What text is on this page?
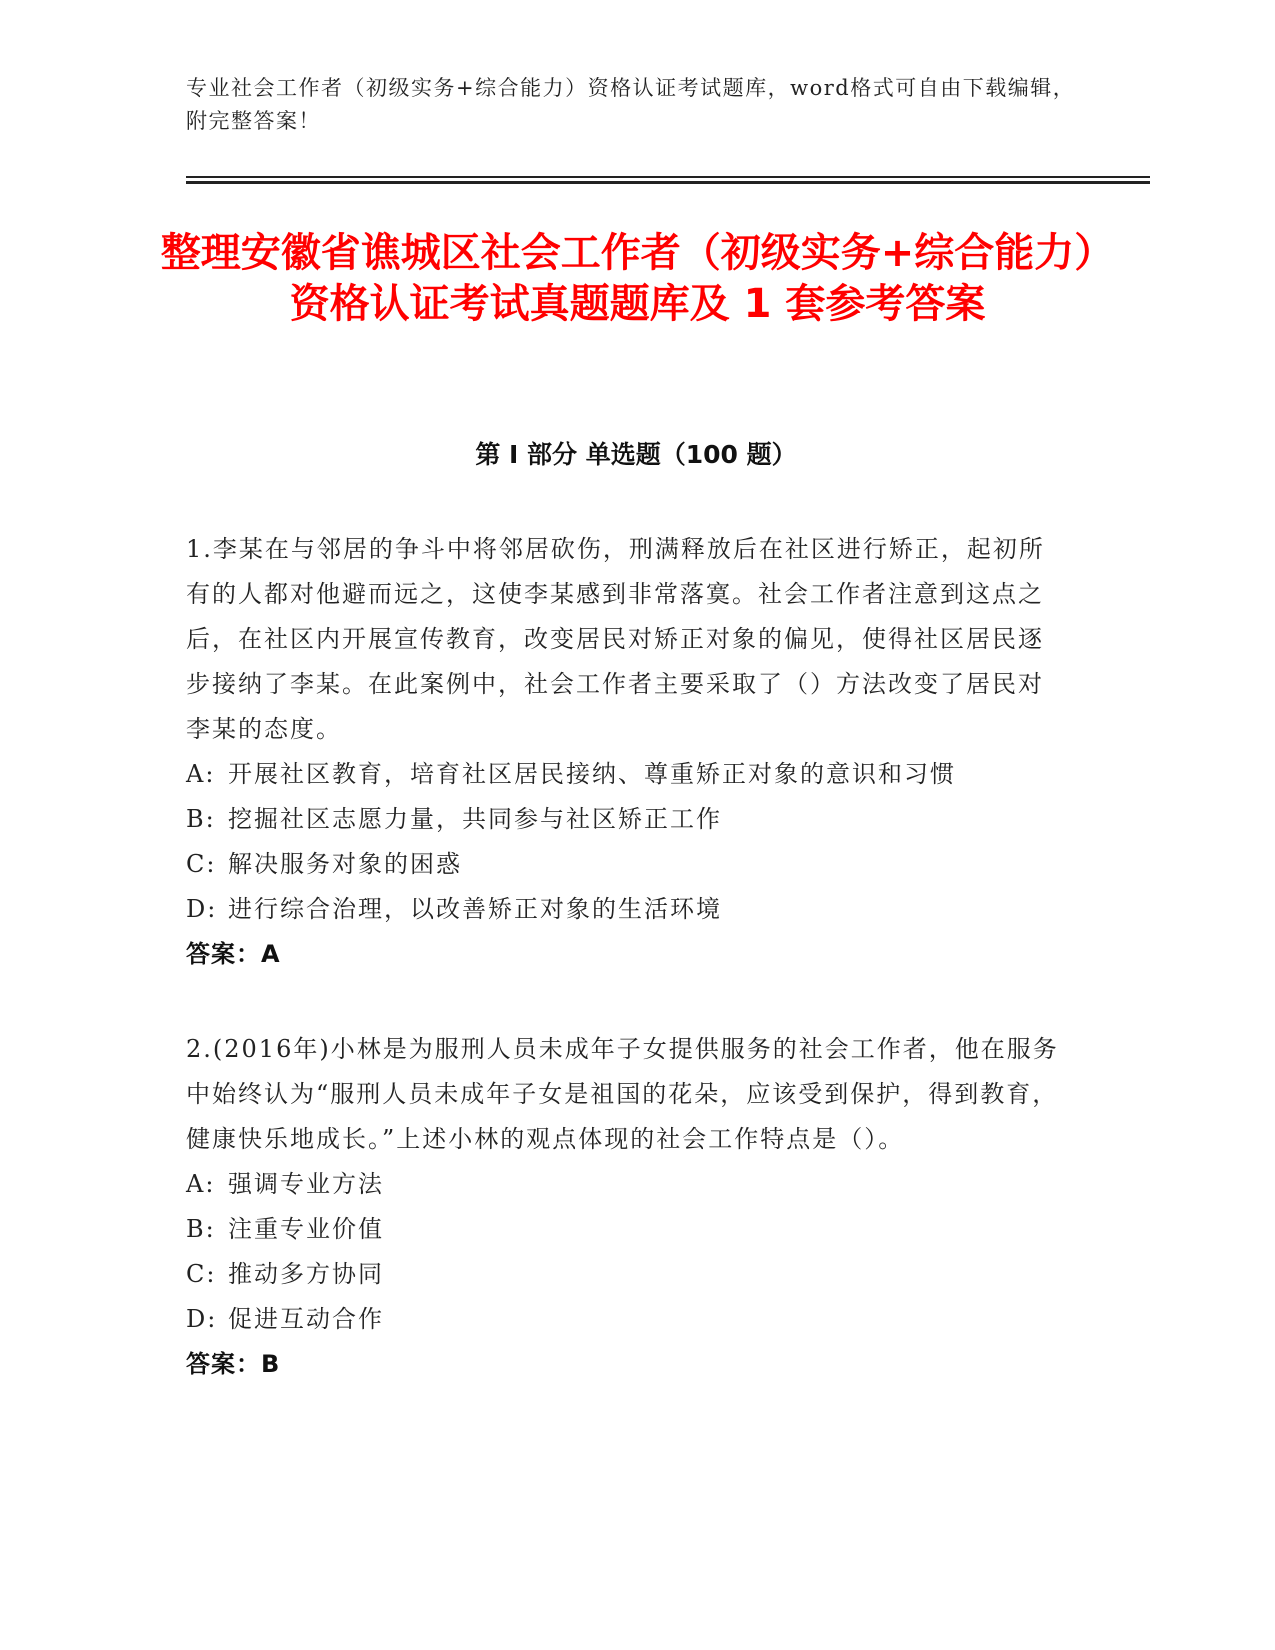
专业社会工作者（初级实务+综合能力）资格认证考试题库，word格式可自由下载编辑，附完整答案！
整理安徽省谯城区社会工作者（初级实务+综合能力）资格认证考试真题题库及 1 套参考答案
第 I 部分 单选题（100 题）

1.李某在与邻居的争斗中将邻居砍伤，刑满释放后在社区进行矫正，起初所有的人都对他避而远之，这使李某感到非常落寞。社会工作者注意到这点之后，在社区内开展宣传教育，改变居民对矫正对象的偏见，使得社区居民逐步接纳了李某。在此案例中，社会工作者主要采取了（）方法改变了居民对李某的态度。

A: 开展社区教育，培育社区居民接纳、尊重矫正对象的意识和习惯
B: 挖掘社区志愿力量，共同参与社区矫正工作
C: 解决服务对象的困惑
D: 进行综合治理，以改善矫正对象的生活环境
答案：A

2.(2016年)小林是为服刑人员未成年子女提供服务的社会工作者，他在服务中始终认为“服刑人员未成年子女是祖国的花朵，应该受到保护，得到教育，健康快乐地成长。”上述小林的观点体现的社会工作特点是（）。

A: 强调专业方法
B: 注重专业价值
C: 推动多方协同
D: 促进互动合作
答案：B
